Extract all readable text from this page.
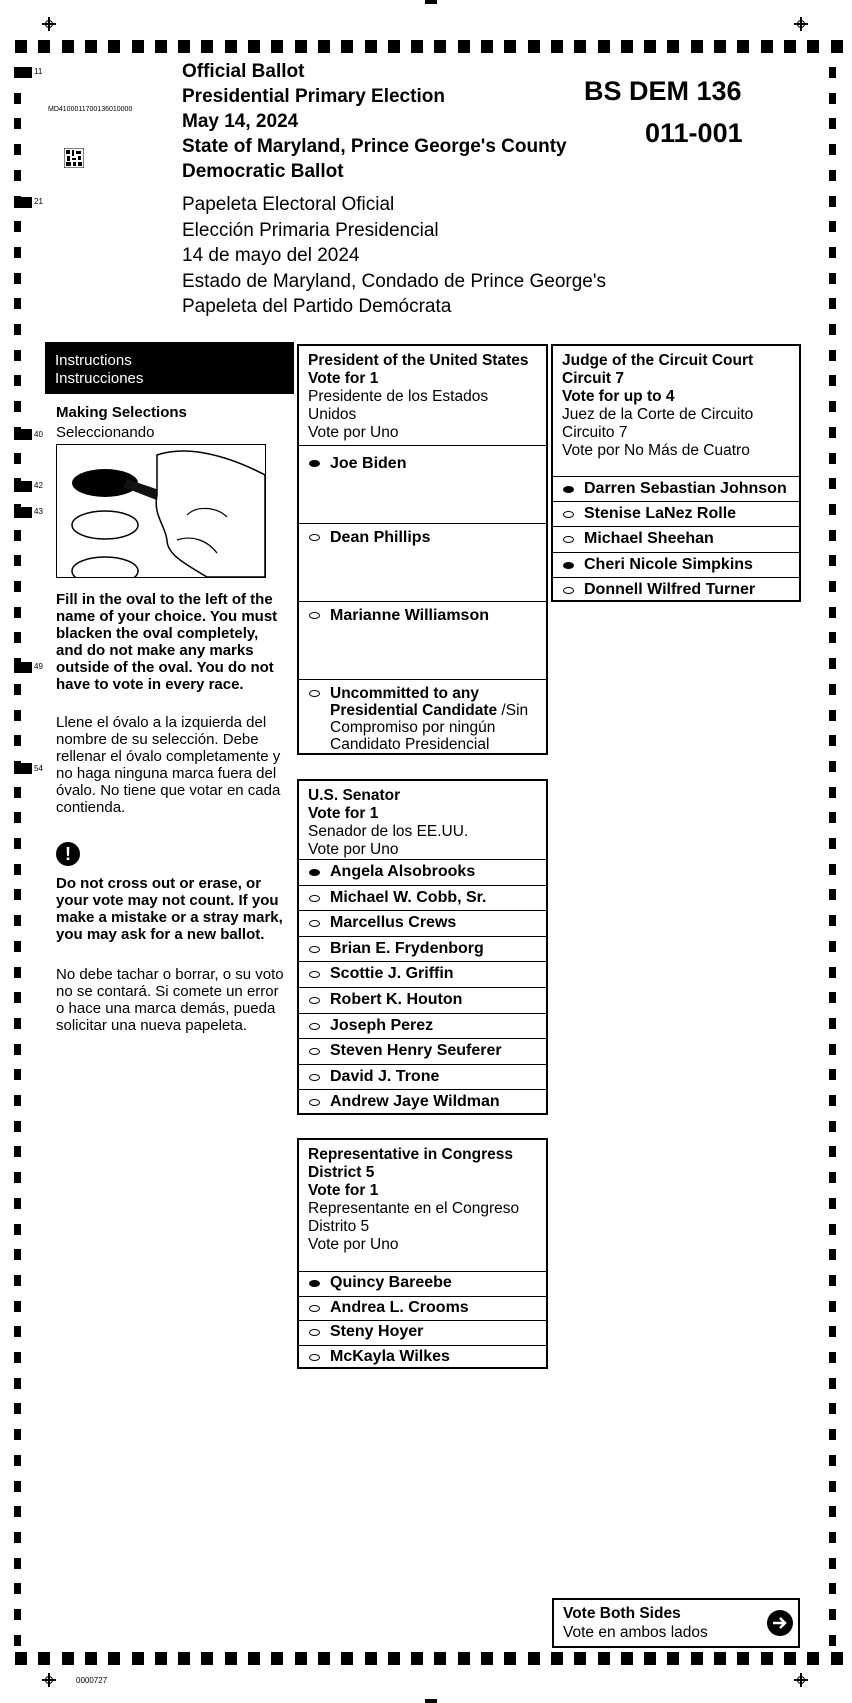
11
21
40
42
43
49
54
MD4100011700136010000
Official Ballot
Presidential Primary Election
May 14, 2024
State of Maryland, Prince George's County
Democratic Ballot
Papeleta Electoral Oficial
Elección Primaria Presidencial
14 de mayo del 2024
Estado de Maryland, Condado de Prince George's
Papeleta del Partido Demócrata
BS DEM 136
011-001
Instructions
Instrucciones
Making Selections
Seleccionando
Fill in the oval to the left of the name of your choice. You must blacken the oval completely, and do not make any marks outside of the oval. You do not have to vote in every race.
Llene el óvalo a la izquierda del nombre de su selección. Debe rellenar el óvalo completamente y no haga ninguna marca fuera del óvalo. No tiene que votar en cada contienda.
!
Do not cross out or erase, or your vote may not count. If you make a mistake or a stray mark, you may ask for a new ballot.
No debe tachar o borrar, o su voto no se contará. Si comete un error o hace una marca demás, pueda solicitar una nueva papeleta.
President of the United States
Vote for 1
Presidente de los Estados Unidos
Vote por Uno
Joe Biden
Dean Phillips
Marianne Williamson
Uncommitted to any Presidential Candidate /Sin Compromiso por ningún Candidato Presidencial
Judge of the Circuit Court
Circuit 7
Vote for up to 4
Juez de la Corte de Circuito
Circuito 7
Vote por No Más de Cuatro
Darren Sebastian Johnson
Stenise LaNez Rolle
Michael Sheehan
Cheri Nicole Simpkins
Donnell Wilfred Turner
U.S. Senator
Vote for 1
Senador de los EE.UU.
Vote por Uno
Angela Alsobrooks
Michael W. Cobb, Sr.
Marcellus Crews
Brian E. Frydenborg
Scottie J. Griffin
Robert K. Houton
Joseph Perez
Steven Henry Seuferer
David J. Trone
Andrew Jaye Wildman
Representative in Congress
District 5
Vote for 1
Representante en el Congreso
Distrito 5
Vote por Uno
Quincy Bareebe
Andrea L. Crooms
Steny Hoyer
McKayla Wilkes
Vote Both Sides
Vote en ambos lados
0000727
